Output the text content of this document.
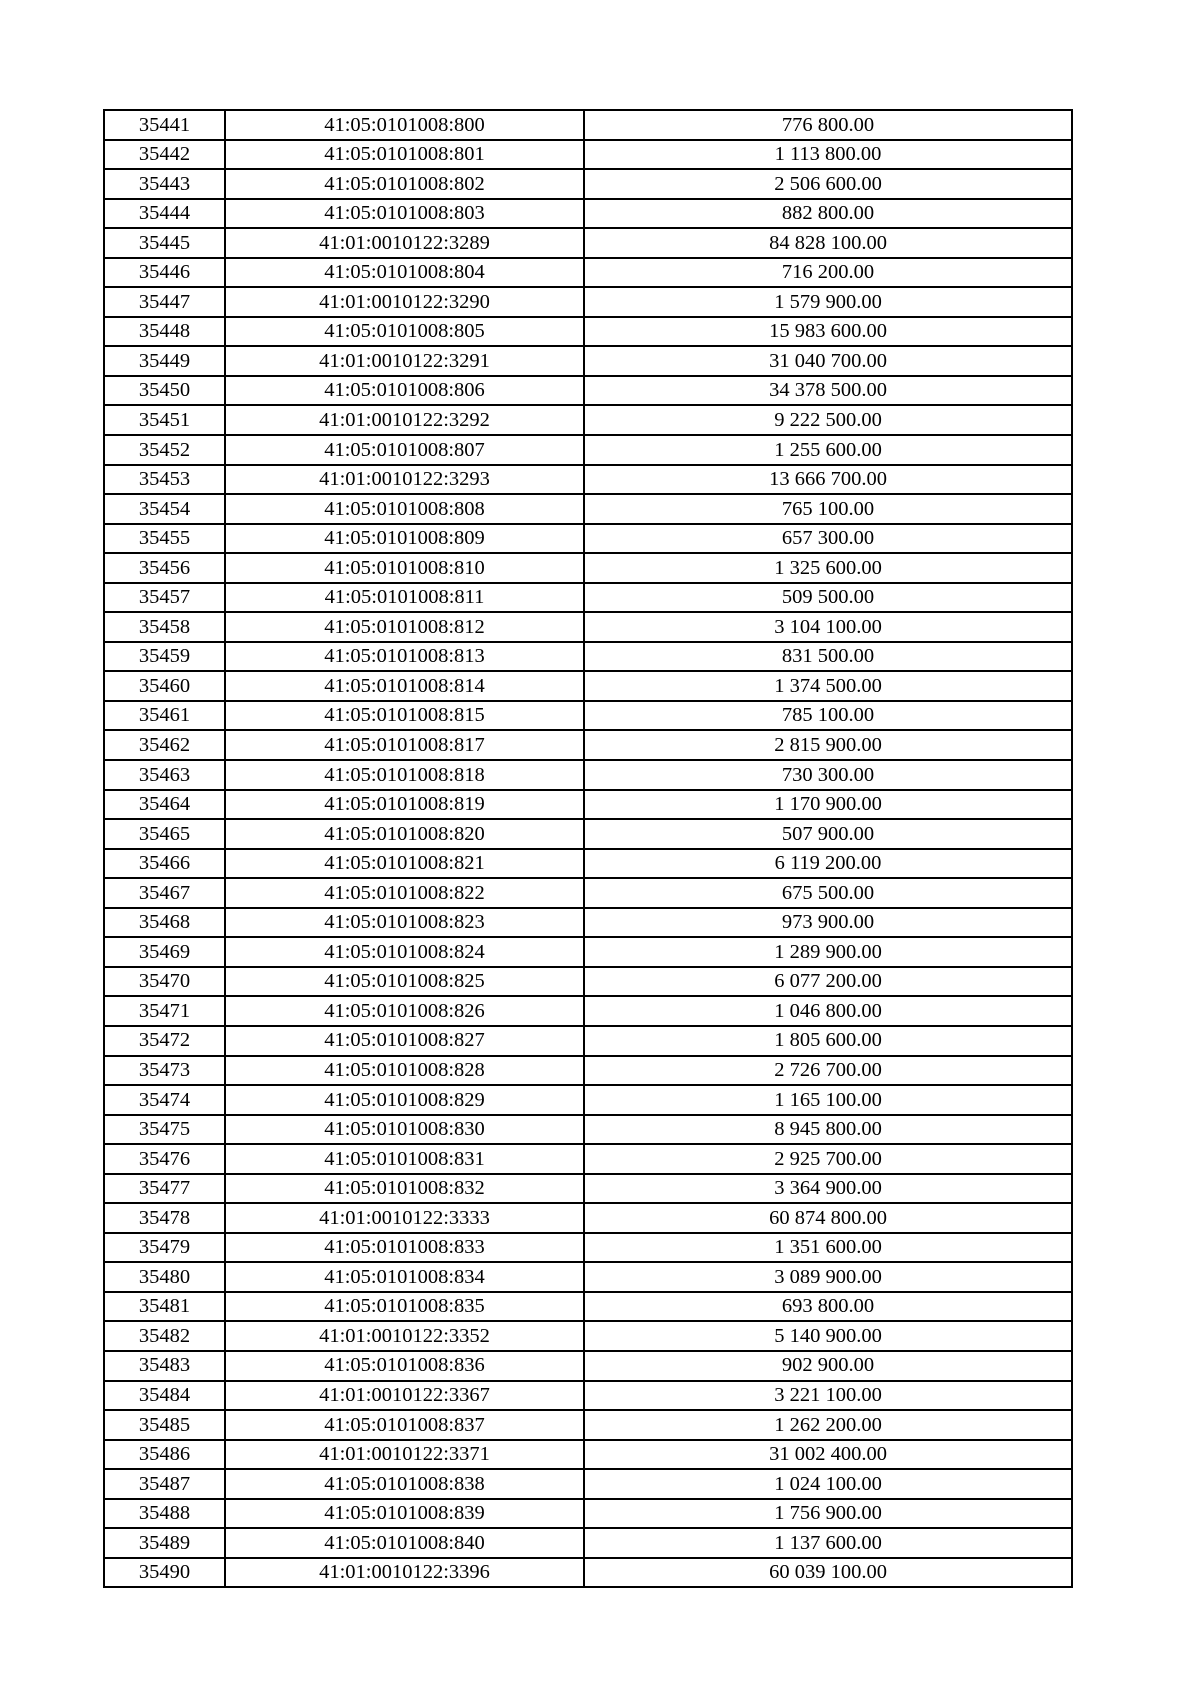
35441	41:05:0101008:800	776 800.00
35442	41:05:0101008:801	1 113 800.00
35443	41:05:0101008:802	2 506 600.00
35444	41:05:0101008:803	882 800.00
35445	41:01:0010122:3289	84 828 100.00
35446	41:05:0101008:804	716 200.00
35447	41:01:0010122:3290	1 579 900.00
35448	41:05:0101008:805	15 983 600.00
35449	41:01:0010122:3291	31 040 700.00
35450	41:05:0101008:806	34 378 500.00
35451	41:01:0010122:3292	9 222 500.00
35452	41:05:0101008:807	1 255 600.00
35453	41:01:0010122:3293	13 666 700.00
35454	41:05:0101008:808	765 100.00
35455	41:05:0101008:809	657 300.00
35456	41:05:0101008:810	1 325 600.00
35457	41:05:0101008:811	509 500.00
35458	41:05:0101008:812	3 104 100.00
35459	41:05:0101008:813	831 500.00
35460	41:05:0101008:814	1 374 500.00
35461	41:05:0101008:815	785 100.00
35462	41:05:0101008:817	2 815 900.00
35463	41:05:0101008:818	730 300.00
35464	41:05:0101008:819	1 170 900.00
35465	41:05:0101008:820	507 900.00
35466	41:05:0101008:821	6 119 200.00
35467	41:05:0101008:822	675 500.00
35468	41:05:0101008:823	973 900.00
35469	41:05:0101008:824	1 289 900.00
35470	41:05:0101008:825	6 077 200.00
35471	41:05:0101008:826	1 046 800.00
35472	41:05:0101008:827	1 805 600.00
35473	41:05:0101008:828	2 726 700.00
35474	41:05:0101008:829	1 165 100.00
35475	41:05:0101008:830	8 945 800.00
35476	41:05:0101008:831	2 925 700.00
35477	41:05:0101008:832	3 364 900.00
35478	41:01:0010122:3333	60 874 800.00
35479	41:05:0101008:833	1 351 600.00
35480	41:05:0101008:834	3 089 900.00
35481	41:05:0101008:835	693 800.00
35482	41:01:0010122:3352	5 140 900.00
35483	41:05:0101008:836	902 900.00
35484	41:01:0010122:3367	3 221 100.00
35485	41:05:0101008:837	1 262 200.00
35486	41:01:0010122:3371	31 002 400.00
35487	41:05:0101008:838	1 024 100.00
35488	41:05:0101008:839	1 756 900.00
35489	41:05:0101008:840	1 137 600.00
35490	41:01:0010122:3396	60 039 100.00
